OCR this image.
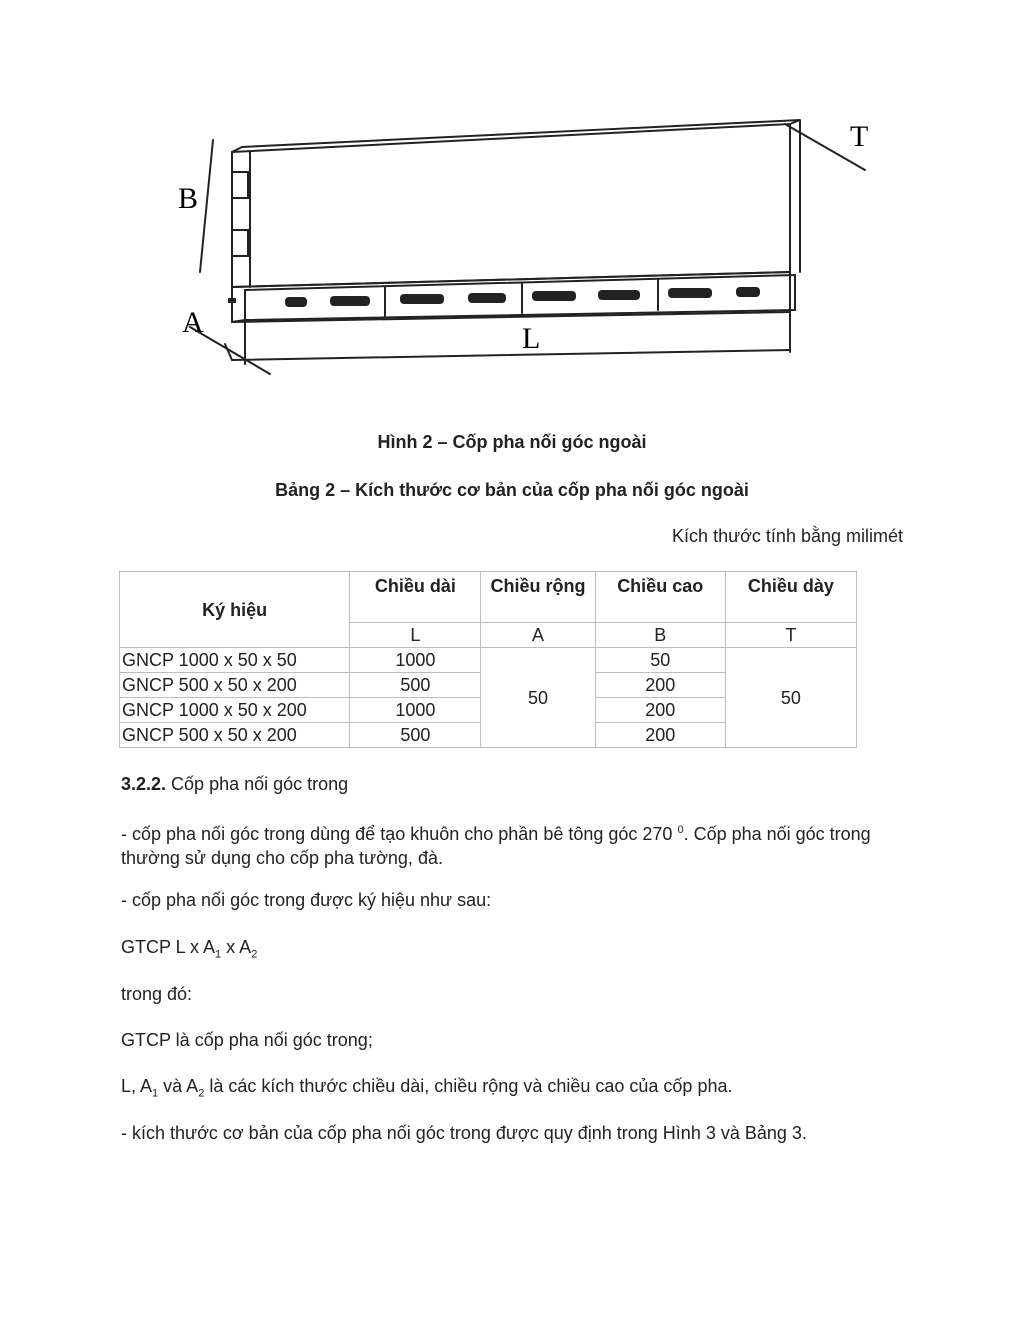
B
T
A	L
Hình 2 – Cốp pha nối góc ngoài
Bảng 2 – Kích thước cơ bản của cốp pha nối góc ngoài
Kích thước tính bằng milimét
Ký hiệu	Chiều dài	Chiều rộng	Chiều cao	Chiều dày
	L	A	B	T
GNCP 1000 x 50 x 50	1000	50	50	50
GNCP 500 x 50 x 200	500		200	
GNCP 1000 x 50 x 200	1000		200	
GNCP 500 x 50 x 200	500		200	

3.2.2. Cốp pha nối góc trong

- cốp pha nối góc trong dùng để tạo khuôn cho phần bê tông góc 270 $^0$. Cốp pha nối góc trong thường sử dụng cho cốp pha tường, đà.

- cốp pha nối góc trong được ký hiệu như sau:

GTCP L x $A_1$ x $A_2$

trong đó:

GTCP là cốp pha nối góc trong;

L, $A_1$ và $A_2$ là các kích thước chiều dài, chiều rộng và chiều cao của cốp pha.

- kích thước cơ bản của cốp pha nối góc trong được quy định trong Hình 3 và Bảng 3.
